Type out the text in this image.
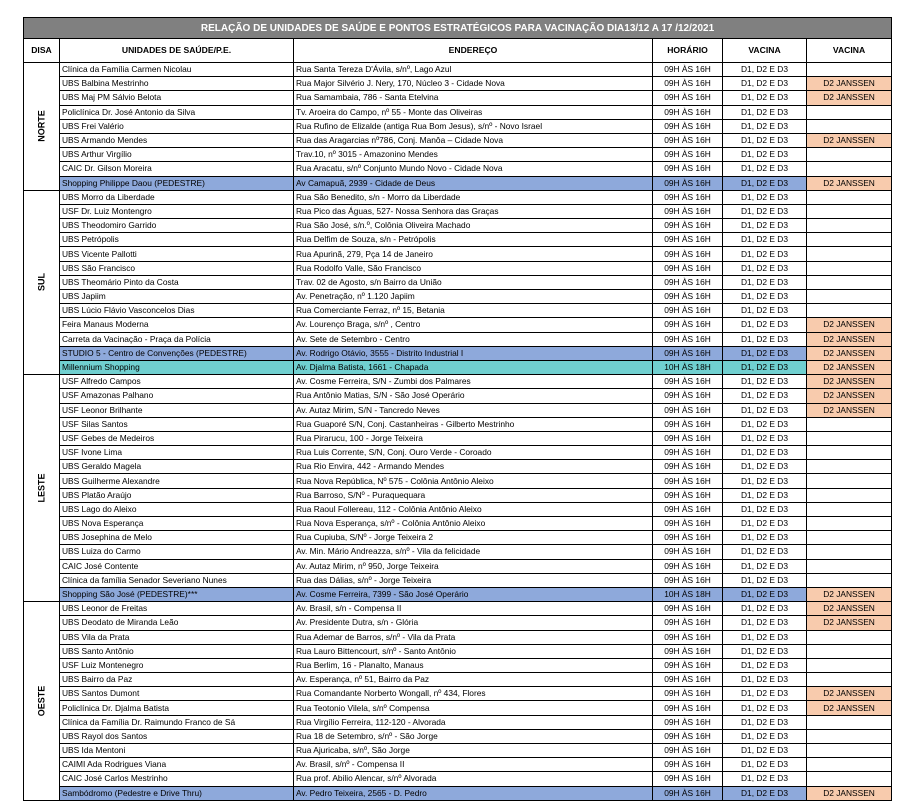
RELAÇÃO DE UNIDADES DE SAÚDE E PONTOS ESTRATÉGICOS PARA VACINAÇÃO DIA13/12 A 17 /12/2021					
DISA	UNIDADES DE SAÚDE/P.E.	ENDEREÇO	HORÁRIO	VACINA	VACINA

NORTE	Clínica da Família Carmen Nicolau	Rua Santa Tereza D'Ávila, s/nº, Lago Azul	09H ÀS 16H	D1, D2 E D3	
	UBS Balbina Mestrinho	Rua Major Silvério J. Nery, 170, Núcleo 3 - Cidade Nova	09H ÀS 16H	D1, D2 E D3	D2 JANSSEN
	UBS Maj PM Sálvio Belota	Rua Samambaia, 786 - Santa Etelvina	09H ÀS 16H	D1, D2 E D3	D2 JANSSEN
	Policlínica Dr. José Antonio da Silva	Tv. Aroeira do Campo, nº 55 - Monte das Oliveiras	09H ÀS 16H	D1, D2 E D3	
	UBS Frei Valério	Rua Rufino de Elizalde (antiga Rua Bom Jesus), s/nº - Novo Israel	09H ÀS 16H	D1, D2 E D3	
	UBS Armando Mendes	Rua das Aragarcias nº786, Conj. Manôa – Cidade Nova	09H ÀS 16H	D1, D2 E D3	D2 JANSSEN
	UBS Arthur Virgílio	Trav.10, nº 3015 - Amazonino Mendes	09H ÀS 16H	D1, D2 E D3	
	CAIC Dr. Gilson Moreira	Rua Aracatu, s/nº Conjunto Mundo Novo - Cidade Nova	09H ÀS 16H	D1, D2 E D3	
	Shopping Philippe Daou (PEDESTRE)	Av Camapuã, 2939 - Cidade de Deus	09H ÀS 16H	D1, D2 E D3	D2 JANSSEN

SUL	UBS Morro da Liberdade	Rua São Benedito, s/n - Morro da Liberdade	09H ÀS 16H	D1, D2 E D3	
	USF Dr. Luiz Montengro	Rua Pico das Águas, 527- Nossa Senhora das Graças	09H ÀS 16H	D1, D2 E D3	
	UBS Theodomiro Garrido	Rua São José, s/n.º, Colônia Oliveira Machado	09H ÀS 16H	D1, D2 E D3	
	UBS Petrópolis	Rua Delfim de Souza, s/n - Petrópolis	09H ÀS 16H	D1, D2 E D3	
	UBS Vicente Pallotti	Rua Apurinã, 279, Pça 14 de Janeiro	09H ÀS 16H	D1, D2 E D3	
	UBS São Francisco	Rua Rodolfo Valle, São Francisco	09H ÀS 16H	D1, D2 E D3	
	UBS Theomário Pinto da Costa	Trav. 02 de Agosto, s/n Bairro da União	09H ÀS 16H	D1, D2 E D3	
	UBS Japiim	Av. Penetração, nº 1.120 Japiim	09H ÀS 16H	D1, D2 E D3	
	UBS Lúcio Flávio Vasconcelos Dias	Rua Comerciante Ferraz, nº 15, Betania	09H ÀS 16H	D1, D2 E D3	
	Feira Manaus Moderna	Av. Lourenço Braga, s/nº , Centro	09H ÀS 16H	D1, D2 E D3	D2 JANSSEN
	Carreta da Vacinação - Praça da Polícia	Av. Sete de Setembro - Centro	09H ÀS 16H	D1, D2 E D3	D2 JANSSEN
	STUDIO 5 - Centro de Convenções (PEDESTRE)	Av. Rodrigo Otávio, 3555 - Distrito Industrial I	09H ÀS 16H	D1, D2 E D3	D2 JANSSEN
	Millennium Shopping	Av. Djalma Batista, 1661 - Chapada	10H ÀS 18H	D1, D2 E D3	D2 JANSSEN

LESTE	USF Alfredo Campos	Av. Cosme Ferreira, S/N - Zumbi dos Palmares	09H ÀS 16H	D1, D2 E D3	D2 JANSSEN
	USF Amazonas Palhano	Rua Antônio Matias, S/N - São José Operário	09H ÀS 16H	D1, D2 E D3	D2 JANSSEN
	USF Leonor Brilhante	Av. Autaz Mirim, S/N - Tancredo Neves	09H ÀS 16H	D1, D2 E D3	D2 JANSSEN
	USF Silas Santos	Rua Guaporé S/N, Conj. Castanheiras - Gilberto Mestrinho	09H ÀS 16H	D1, D2 E D3	
	USF Gebes de Medeiros	Rua Pirarucu, 100 - Jorge Teixeira	09H ÀS 16H	D1, D2 E D3	
	USF Ivone Lima	Rua Luis Corrente, S/N, Conj. Ouro Verde - Coroado	09H ÀS 16H	D1, D2 E D3	
	UBS Geraldo Magela	Rua Rio Envira, 442 - Armando Mendes	09H ÀS 16H	D1, D2 E D3	
	UBS Guilherme Alexandre	Rua Nova República, Nº 575 - Colônia Antônio Aleixo	09H ÀS 16H	D1, D2 E D3	
	UBS Platão Araújo	Rua Barroso, S/Nº - Puraquequara	09H ÀS 16H	D1, D2 E D3	
	UBS Lago do Aleixo	Rua Raoul Follereau, 112 - Colônia Antônio Aleixo	09H ÀS 16H	D1, D2 E D3	
	UBS Nova Esperança	Rua Nova Esperança, s/nº - Colônia Antônio Aleixo	09H ÀS 16H	D1, D2 E D3	
	UBS Josephina de Melo	Rua Cupiuba, S/Nº - Jorge Teixeira 2	09H ÀS 16H	D1, D2 E D3	
	UBS Luiza do Carmo	Av. Min. Mário Andreazza, s/nº - Vila da felicidade	09H ÀS 16H	D1, D2 E D3	
	CAIC José Contente	Av. Autaz Mirim, nº 950, Jorge Teixeira	09H ÀS 16H	D1, D2 E D3	
	Clínica da família Senador Severiano Nunes	Rua das Dálias, s/nº - Jorge Teixeira	09H ÀS 16H	D1, D2 E D3	
	Shopping São José (PEDESTRE)***	Av. Cosme Ferreira, 7399 - São José Operário	10H ÀS 18H	D1, D2 E D3	D2 JANSSEN

OESTE	UBS Leonor de Freitas	Av. Brasil, s/n - Compensa II	09H ÀS 16H	D1, D2 E D3	D2 JANSSEN
	UBS Deodato de Miranda Leão	Av. Presidente Dutra, s/n - Glória	09H ÀS 16H	D1, D2 E D3	D2 JANSSEN
	UBS Vila da Prata	Rua Ademar de Barros, s/nº - Vila da Prata	09H ÀS 16H	D1, D2 E D3	
	UBS Santo Antônio	Rua Lauro Bittencourt, s/nº - Santo Antônio	09H ÀS 16H	D1, D2 E D3	
	USF Luiz Montenegro	Rua Berlim, 16 - Planalto, Manaus	09H ÀS 16H	D1, D2 E D3	
	UBS Bairro da Paz	Av. Esperança, nº 51, Bairro da Paz	09H ÀS 16H	D1, D2 E D3	
	UBS Santos Dumont	Rua Comandante Norberto Wongall, nº 434, Flores	09H ÀS 16H	D1, D2 E D3	D2 JANSSEN
	Policlínica Dr. Djalma Batista	Rua Teotonio Vilela, s/nº Compensa	09H ÀS 16H	D1, D2 E D3	D2 JANSSEN
	Clínica da Família Dr. Raimundo Franco de Sá	Rua Virgílio Ferreira, 112-120 - Alvorada	09H ÀS 16H	D1, D2 E D3	
	UBS Rayol dos Santos	Rua 18 de Setembro, s/nº - São Jorge	09H ÀS 16H	D1, D2 E D3	
	UBS Ida Mentoni	Rua Ajuricaba, s/nº, São Jorge	09H ÀS 16H	D1, D2 E D3	
	CAIMI Ada Rodrigues Viana	Av. Brasil, s/nº - Compensa II	09H ÀS 16H	D1, D2 E D3	
	CAIC José Carlos Mestrinho	Rua prof. Abilio Alencar, s/nº Alvorada	09H ÀS 16H	D1, D2 E D3	
	Sambódromo (Pedestre e Drive Thru)	Av. Pedro Teixeira, 2565 - D. Pedro	09H ÀS 16H	D1, D2 E D3	D2 JANSSEN
